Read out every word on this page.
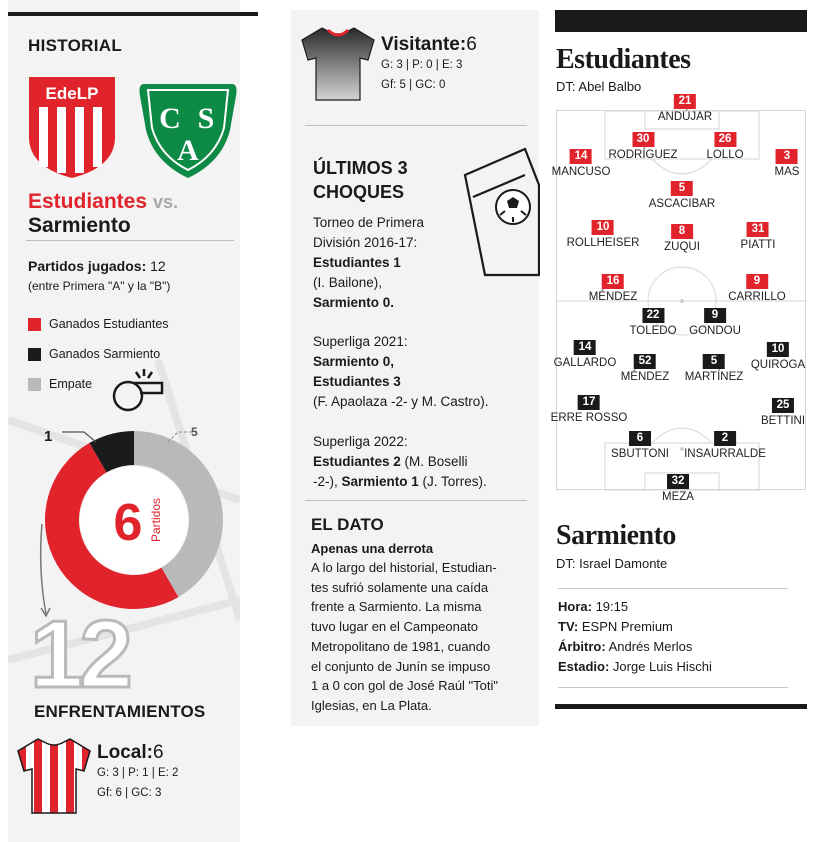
HISTORIAL
EdeLP
C S
A
Estudiantes vs.
Sarmiento
Partidos jugados: 12
(entre Primera "A" y la "B")
Ganados Estudiantes
Ganados Sarmiento
Empate
6 Partidos
1	5
12
ENFRENTAMIENTOS
Local:6
G: 3 | P: 1 | E: 2
Gf: 6 | GC: 3
Visitante:6
G: 3 | P: 0 | E: 3
Gf: 5 | GC: 0
ÚLTIMOS 3
CHOQUES
Torneo de Primera
División 2016-17:
Estudiantes 1
(I. Bailone),
Sarmiento 0.
Superliga 2021:
Sarmiento 0,
Estudiantes 3
(F. Apaolaza -2- y M. Castro).
Superliga 2022:
Estudiantes 2 (M. Boselli
-2-), Sarmiento 1 (J. Torres).
EL DATO
Apenas una derrota
A lo largo del historial, Estudian-
tes sufrió solamente una caída
frente a Sarmiento. La misma
tuvo lugar en el Campeonato
Metropolitano de 1981, cuando
el conjunto de Junín se impuso
1 a 0 con gol de José Raúl "Toti"
Iglesias, en La Plata.
Estudiantes
DT: Abel Balbo
21
ANDÚJAR
30
RODRÍGUEZ
26
LOLLO
14
MANCUSO
3
MAS
5
ASCACIBAR
10
ROLLHEISER
8
ZUQUI
31
PIATTI
16
MÉNDEZ
9
CARRILLO
22
TOLEDO
9
GONDOU
14
GALLARDO	52
MÉNDEZ
5
MARTÍNEZ
10
QUIROGA
17
ERRE ROSSO
25
BETTINI
6
SBUTTONI
2
INSAURRALDE
32
MEZA
Sarmiento
DT: Israel Damonte
Hora: 19:15
TV: ESPN Premium
Árbitro: Andrés Merlos
Estadio: Jorge Luis Hischi
